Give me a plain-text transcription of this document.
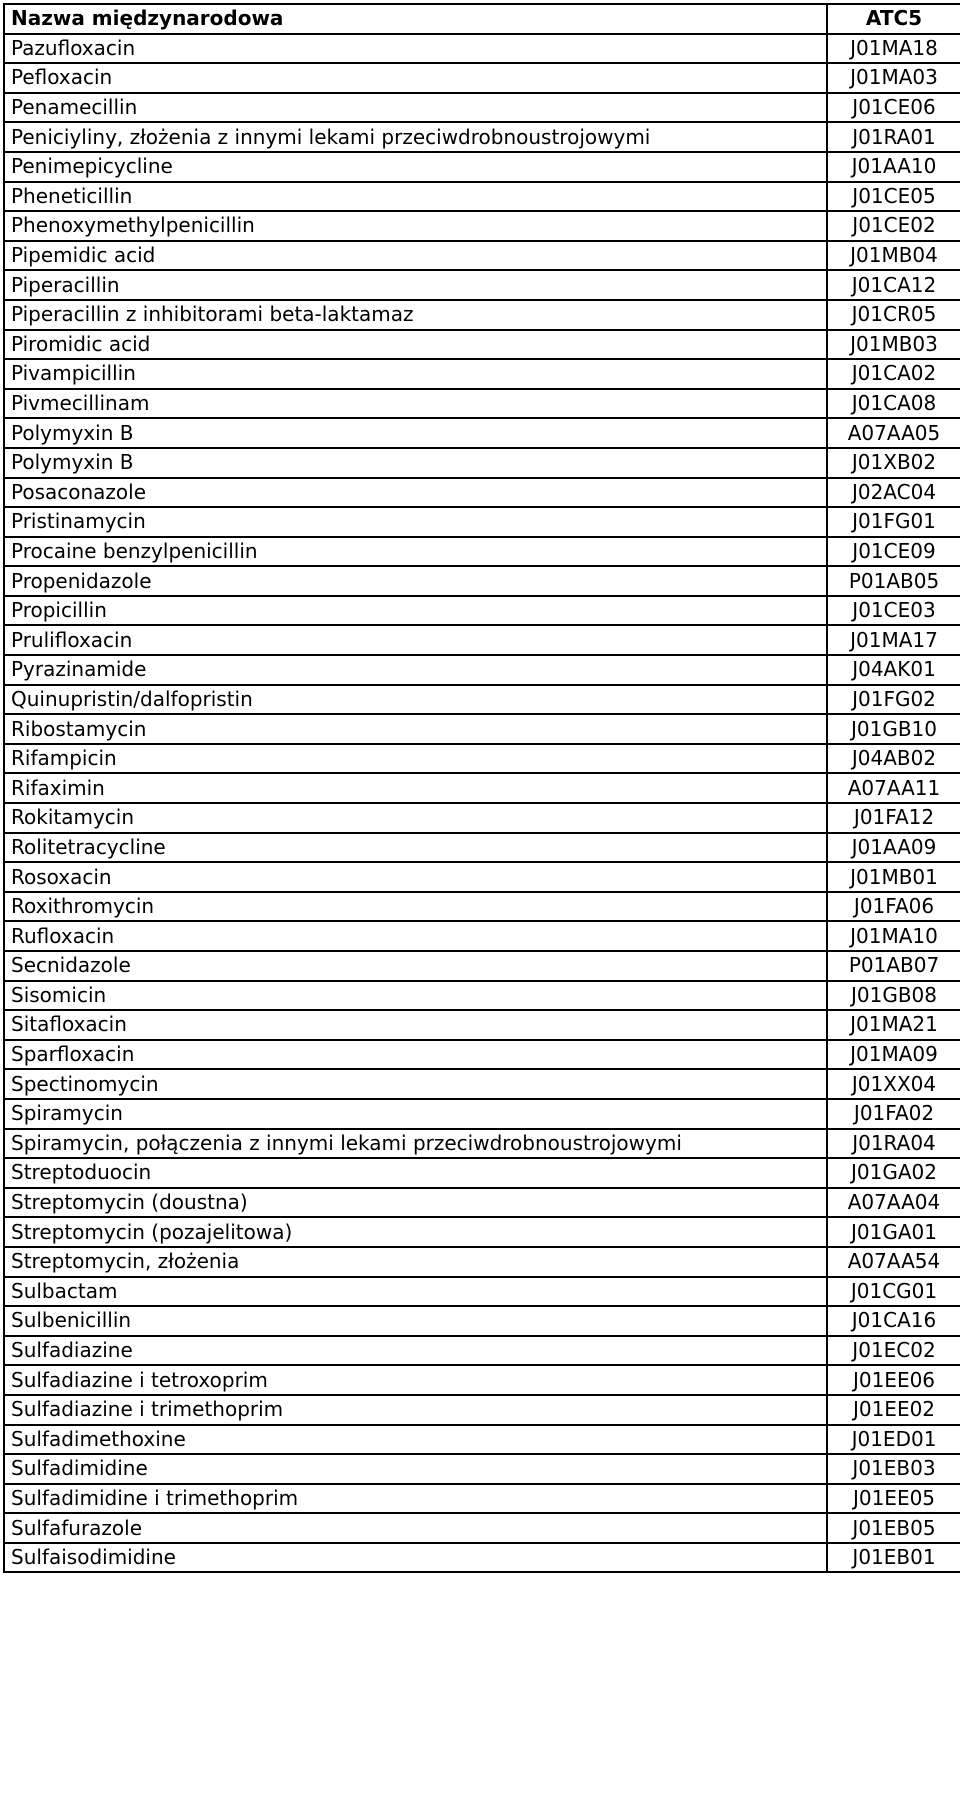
Nazwa międzynarodowa	ATC5
Pazufloxacin	J01MA18
Pefloxacin	J01MA03
Penamecillin	J01CE06
Peniciyliny, złożenia z innymi lekami przeciwdrobnoustrojowymi	J01RA01
Penimepicycline	J01AA10
Pheneticillin	J01CE05
Phenoxymethylpenicillin	J01CE02
Pipemidic acid	J01MB04
Piperacillin	J01CA12
Piperacillin z inhibitorami beta-laktamaz	J01CR05
Piromidic acid	J01MB03
Pivampicillin	J01CA02
Pivmecillinam	J01CA08
Polymyxin B	A07AA05
Polymyxin B	J01XB02
Posaconazole	J02AC04
Pristinamycin	J01FG01
Procaine benzylpenicillin	J01CE09
Propenidazole	P01AB05
Propicillin	J01CE03
Prulifloxacin	J01MA17
Pyrazinamide	J04AK01
Quinupristin/dalfopristin	J01FG02
Ribostamycin	J01GB10
Rifampicin	J04AB02
Rifaximin	A07AA11
Rokitamycin	J01FA12
Rolitetracycline	J01AA09
Rosoxacin	J01MB01
Roxithromycin	J01FA06
Rufloxacin	J01MA10
Secnidazole	P01AB07
Sisomicin	J01GB08
Sitafloxacin	J01MA21
Sparfloxacin	J01MA09
Spectinomycin	J01XX04
Spiramycin	J01FA02
Spiramycin, połączenia z innymi lekami przeciwdrobnoustrojowymi	J01RA04
Streptoduocin	J01GA02
Streptomycin (doustna)	A07AA04
Streptomycin (pozajelitowa)	J01GA01
Streptomycin, złożenia	A07AA54
Sulbactam	J01CG01
Sulbenicillin	J01CA16
Sulfadiazine	J01EC02
Sulfadiazine i tetroxoprim	J01EE06
Sulfadiazine i trimethoprim	J01EE02
Sulfadimethoxine	J01ED01
Sulfadimidine	J01EB03
Sulfadimidine i trimethoprim	J01EE05
Sulfafurazole	J01EB05
Sulfaisodimidine	J01EB01
